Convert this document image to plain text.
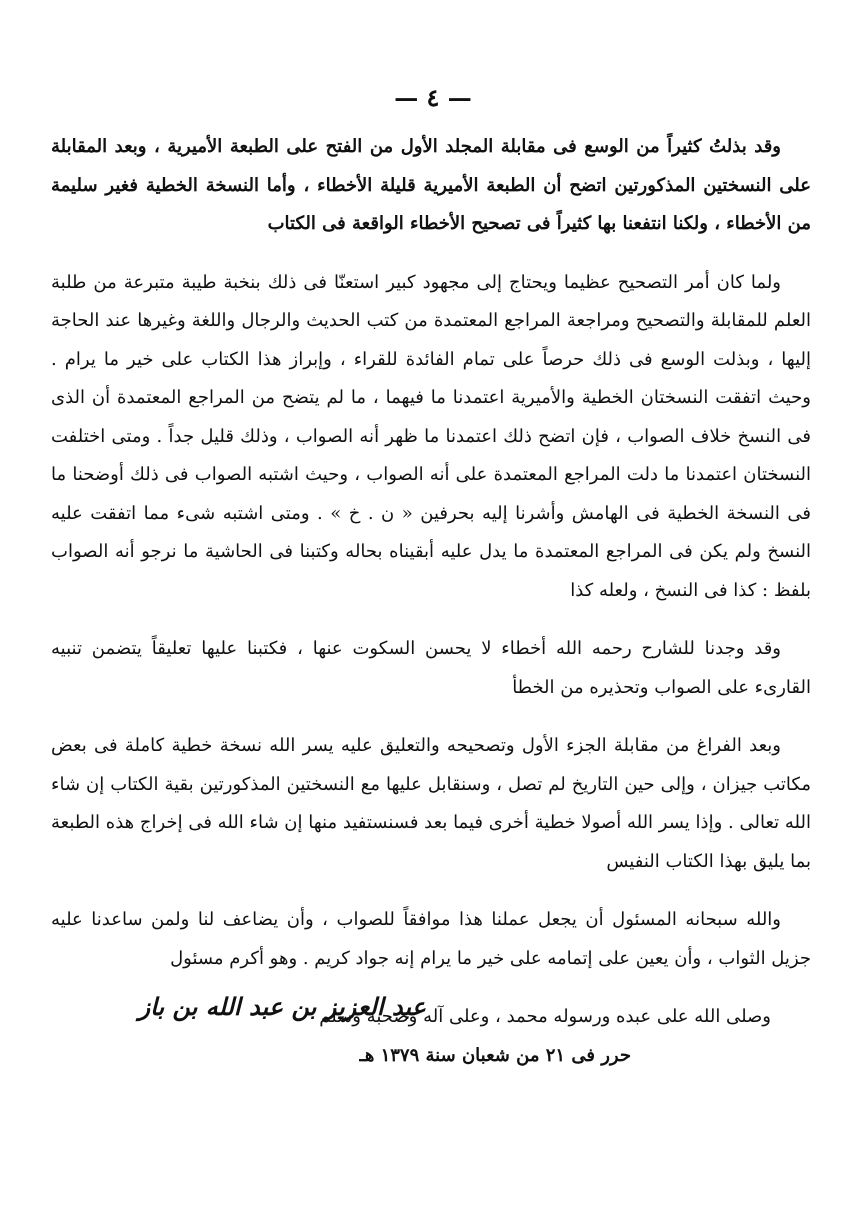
— ٤ —

وقد بذلتُ كثيراً من الوسع فى مقابلة المجلد الأول من الفتح على الطبعة الأميرية ، وبعد المقابلة على النسختين المذكورتين اتضح أن الطبعة الأميرية قليلة الأخطاء ، وأما النسخة الخطية فغير سليمة من الأخطاء ، ولكنا انتفعنا بها كثيراً فى تصحيح الأخطاء الواقعة فى الكتاب

ولما كان أمر التصحيح عظيما ويحتاج إلى مجهود كبير استعنّا فى ذلك بنخبة طيبة متبرعة من طلبة العلم للمقابلة والتصحيح ومراجعة المراجع المعتمدة من كتب الحديث والرجال واللغة وغيرها عند الحاجة إليها ، وبذلت الوسع فى ذلك حرصاً على تمام الفائدة للقراء ، وإبراز هذا الكتاب على خير ما يرام . وحيث اتفقت النسختان الخطية والأميرية اعتمدنا ما فيهما ، ما لم يتضح من المراجع المعتمدة أن الذى فى النسخ خلاف الصواب ، فإن اتضح ذلك اعتمدنا ما ظهر أنه الصواب ، وذلك قليل جداً . ومتى اختلفت النسختان اعتمدنا ما دلت المراجع المعتمدة على أنه الصواب ، وحيث اشتبه الصواب فى ذلك أوضحنا ما فى النسخة الخطية فى الهامش وأشرنا إليه بحرفين « ن . خ » . ومتى اشتبه شىء مما اتفقت عليه النسخ ولم يكن فى المراجع المعتمدة ما يدل عليه أبقيناه بحاله وكتبنا فى الحاشية ما نرجو أنه الصواب بلفظ : كذا فى النسخ ، ولعله كذا

وقد وجدنا للشارح رحمه الله أخطاء لا يحسن السكوت عنها ، فكتبنا عليها تعليقاً يتضمن تنبيه القارىء على الصواب وتحذيره من الخطأ

وبعد الفراغ من مقابلة الجزء الأول وتصحيحه والتعليق عليه يسر الله نسخة خطية كاملة فى بعض مكاتب جيزان ، وإلى حين التاريخ لم تصل ، وسنقابل عليها مع النسختين المذكورتين بقية الكتاب إن شاء الله تعالى . وإذا يسر الله أصولا خطية أخرى فيما بعد فسنستفيد منها إن شاء الله فى إخراج هذه الطبعة بما يليق بهذا الكتاب النفيس

والله سبحانه المسئول أن يجعل عملنا هذا موافقاً للصواب ، وأن يضاعف لنا ولمن ساعدنا عليه جزيل الثواب ، وأن يعين على إتمامه على خير ما يرام إنه جواد كريم . وهو أكرم مسئول

وصلى الله على عبده ورسوله محمد ، وعلى آله وصحبه وسلم

حرر فى ٢١ من شعبان سنة ١٣٧٩ هـ

عبد العزيز بن عبد الله بن باز
